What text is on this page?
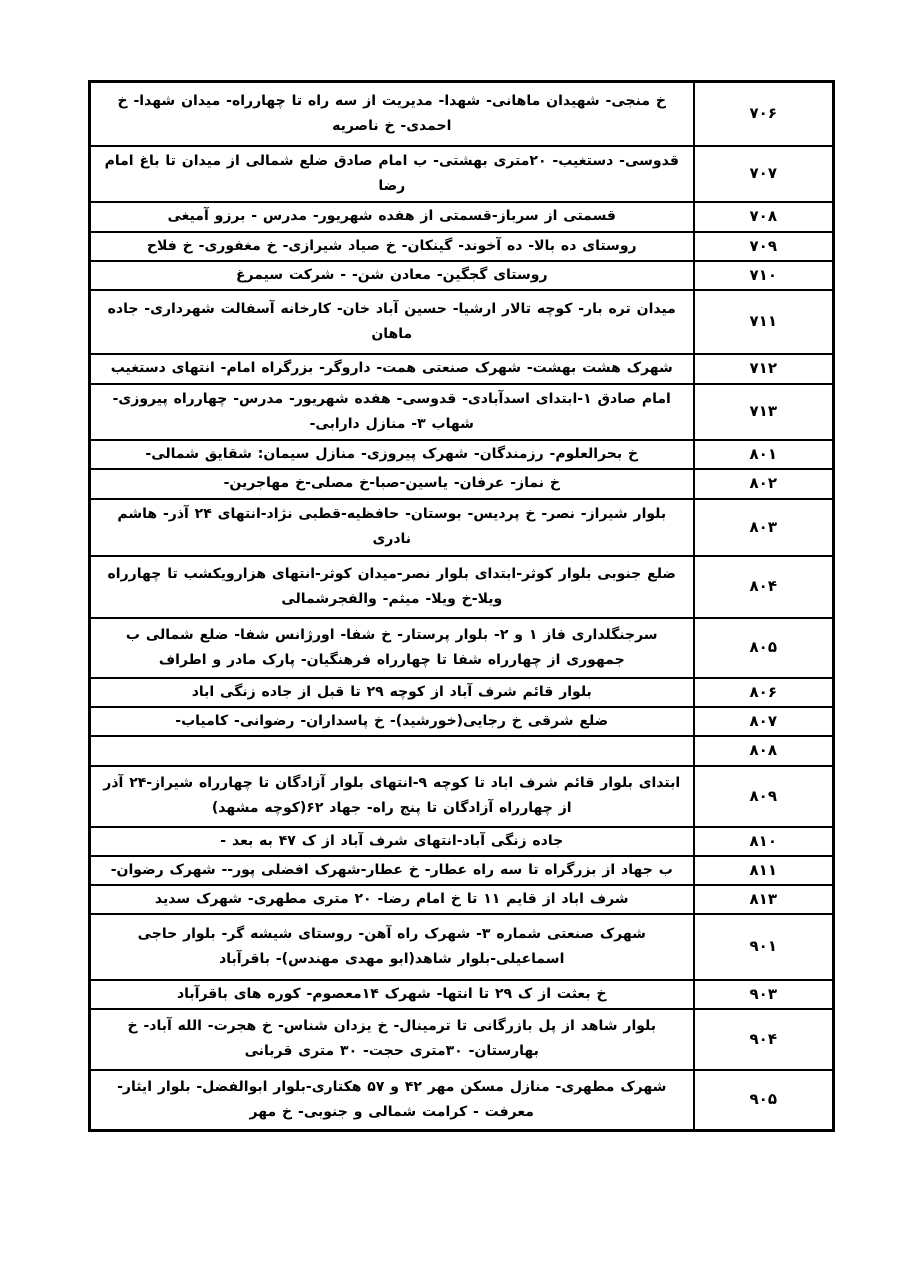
۷۰۶	خ منجی- شهیدان ماهانی- شهدا- مدیریت از سه راه تا چهارراه- میدان شهدا- خ احمدی- خ ناصریه
۷۰۷	قدوسی- دستغیب- ۲۰متری بهشتی- ب امام صادق ضلع شمالی از میدان تا باغ امام رضا
۷۰۸	قسمتی از سرباز-قسمتی از هفده شهریور- مدرس - برزو آمیغی
۷۰۹	روستای ده بالا- ده آخوند- گینکان- خ صیاد شیرازی- خ مغفوری- خ فلاح
۷۱۰	روستای گجگین- معادن شن- - شرکت سیمرغ
۷۱۱	میدان تره بار- کوچه تالار ارشیا- حسین آباد خان- کارخانه آسفالت شهرداری- جاده ماهان
۷۱۲	شهرک هشت بهشت- شهرک صنعتی همت- داروگر- بزرگراه امام- انتهای دستغیب
۷۱۳	امام صادق ۱-ابتدای اسدآبادی- قدوسی- هفده شهریور- مدرس- چهارراه پیروزی- شهاب ۳- منازل دارابی-
۸۰۱	خ بحرالعلوم- رزمندگان- شهرک پیروزی- منازل سیمان: شقایق شمالی-
۸۰۲	خ نماز- عرفان- یاسین-صبا-خ مصلی-خ مهاجرین-
۸۰۳	بلوار شیراز- نصر- خ پردیس- بوستان- حافظیه-قطبی نژاد-انتهای ۲۴ آذر- هاشم نادری
۸۰۴	ضلع جنوبی بلوار کوثر-ابتدای بلوار نصر-میدان کوثر-انتهای هزارویکشب تا چهارراه ویلا-خ ویلا- میثم- والفجرشمالی
۸۰۵	سرجنگلداری فاز ۱ و ۲- بلوار پرستار- خ شفا- اورژانس شفا- ضلع شمالی ب جمهوری از چهارراه شفا تا چهارراه فرهنگیان- پارک مادر و اطراف
۸۰۶	بلوار قائم شرف آباد از کوچه ۲۹ تا قبل از جاده زنگی اباد
۸۰۷	ضلع شرقی خ رجایی(خورشید)- خ پاسداران- رضوانی- کامیاب-
۸۰۸	
۸۰۹	ابتدای بلوار قائم شرف اباد تا کوچه ۹-انتهای بلوار آزادگان تا چهارراه شیراز-۲۴ آذر از چهارراه آزادگان تا پنج راه- جهاد ۶۲(کوچه مشهد)
۸۱۰	جاده زنگی آباد-انتهای شرف آباد از ک ۴۷ به بعد -
۸۱۱	ب جهاد از بزرگراه تا سه راه عطار- خ عطار-شهرک افضلی پور-- شهرک رضوان-
۸۱۳	شرف اباد از قایم ۱۱ تا خ امام رضا- ۲۰ متری مطهری- شهرک سدید
۹۰۱	شهرک صنعتی شماره ۳- شهرک راه آهن- روستای شیشه گر- بلوار حاجی اسماعیلی-بلوار شاهد(ابو مهدی مهندس)- باقرآباد
۹۰۳	خ بعثت از ک ۲۹ تا انتها- شهرک ۱۴معصوم- کوره های باقرآباد
۹۰۴	بلوار شاهد از پل بازرگانی تا ترمینال- خ یزدان شناس- خ هجرت- الله آباد- خ بهارستان- ۳۰متری حجت- ۳۰ متری قربانی
۹۰۵	شهرک مطهری- منازل مسکن مهر ۴۲ و ۵۷ هکتاری-بلوار ابوالفضل- بلوار ایثار- معرفت - کرامت شمالی و جنوبی- خ مهر
